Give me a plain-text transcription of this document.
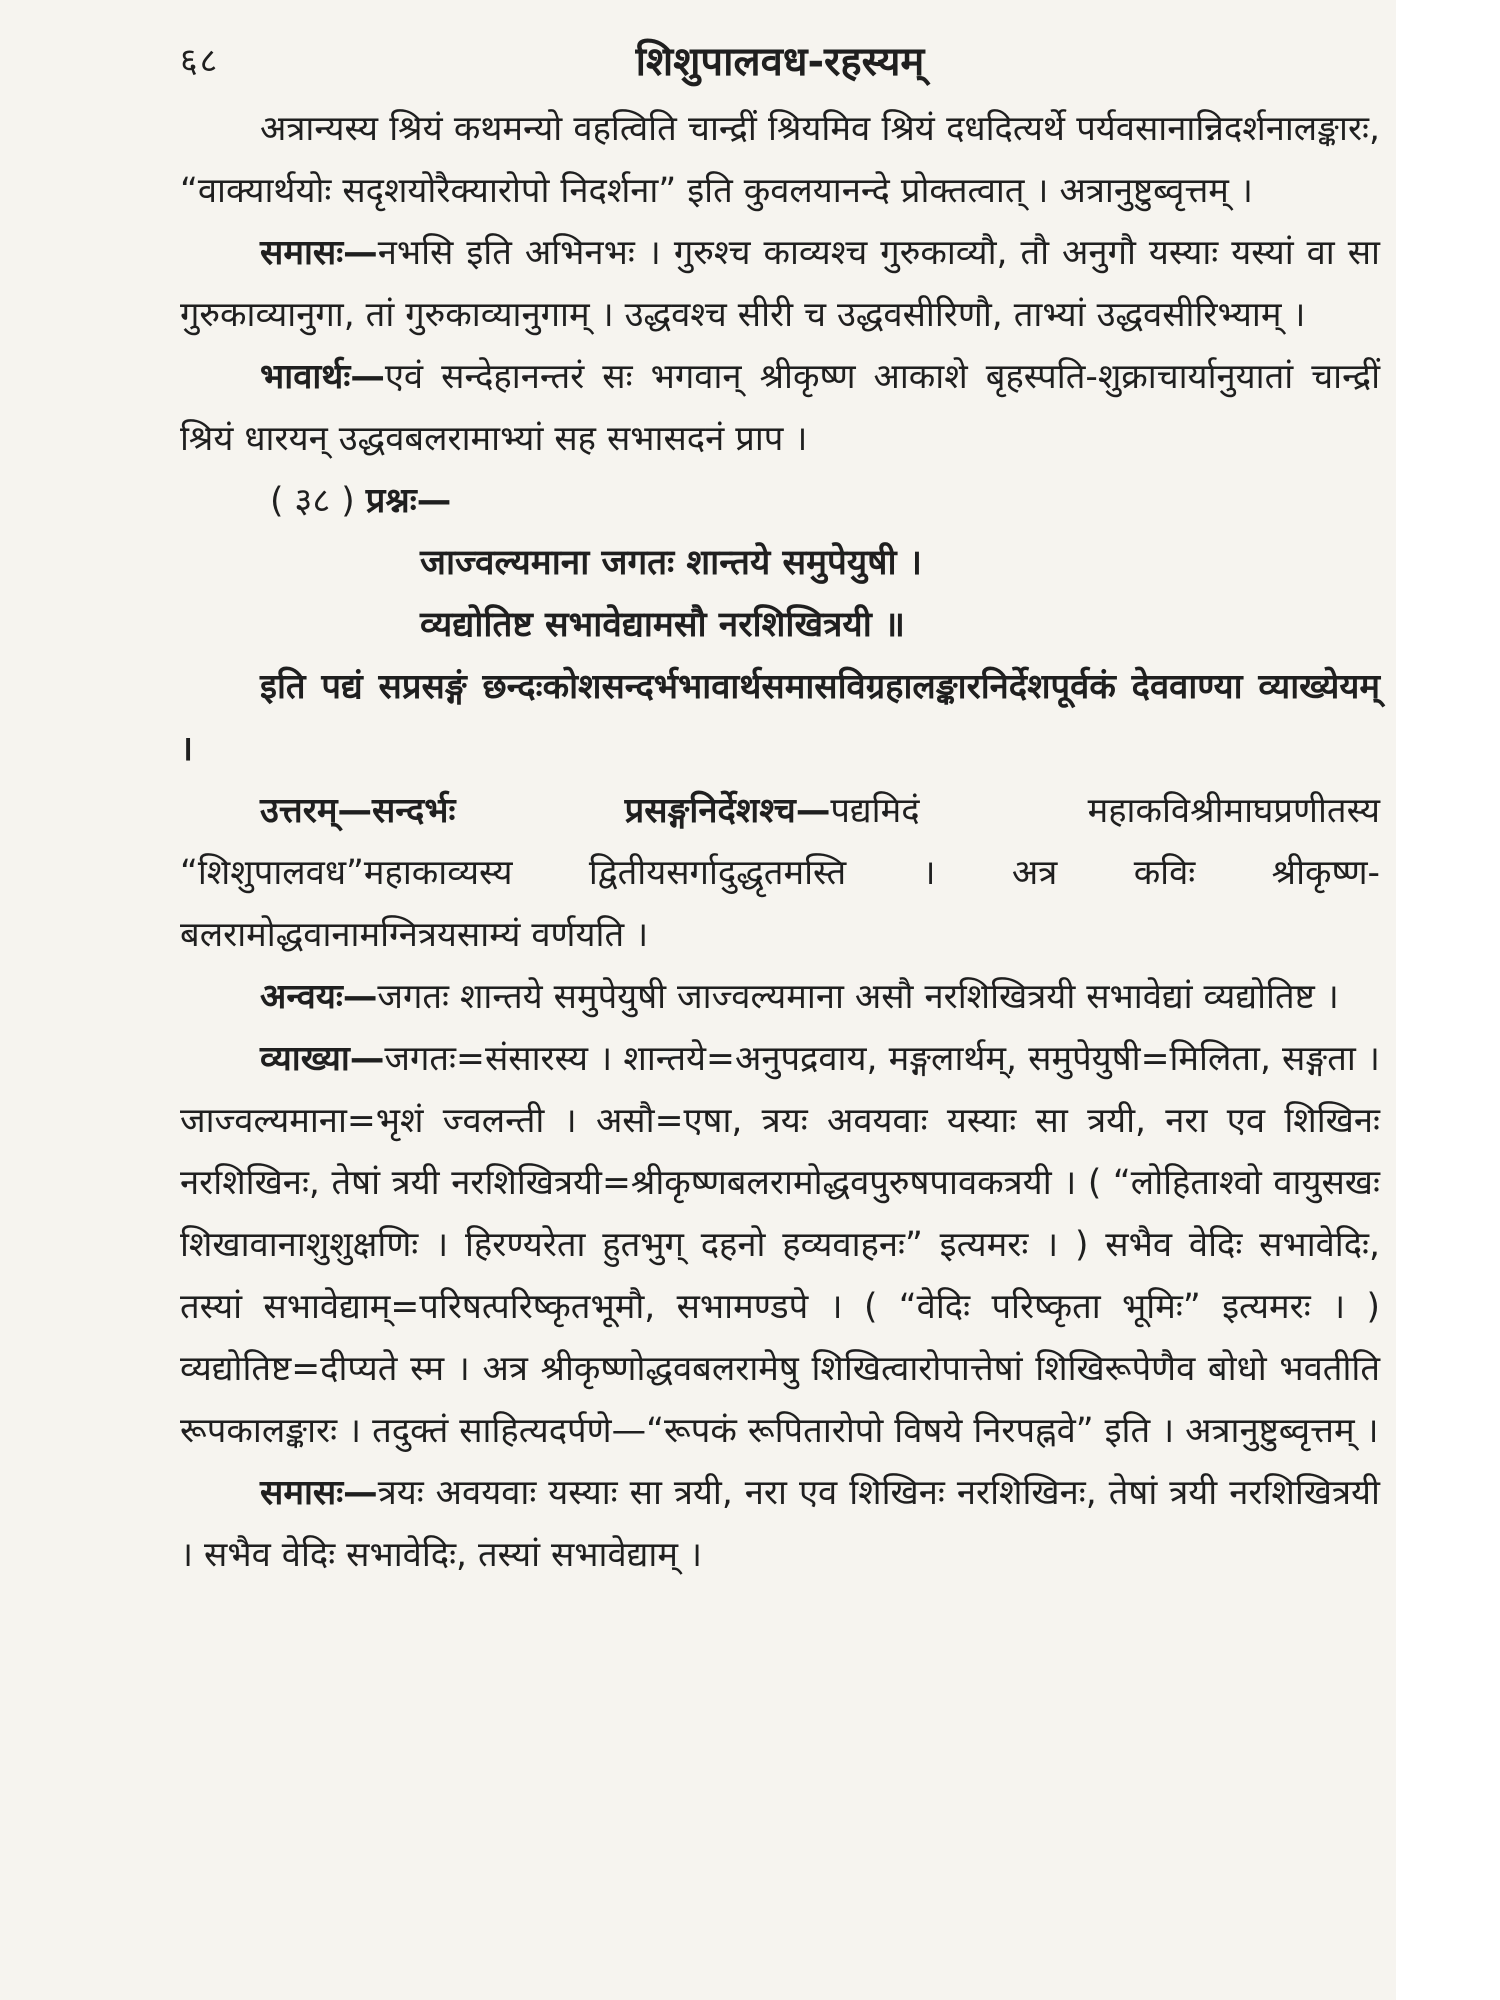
६८	शिशुपालवध-रहस्यम्

अत्रान्यस्य श्रियं कथमन्यो वहत्विति चान्द्रीं श्रियमिव श्रियं दधदित्यर्थे पर्यवसानान्निदर्शनालङ्कारः, “वाक्यार्थयोः सदृशयोरैक्यारोपो निदर्शना” इति कुवलयानन्दे प्रोक्तत्वात् । अत्रानुष्टुब्वृत्तम् ।

समासः—नभसि इति अभिनभः । गुरुश्च काव्यश्च गुरुकाव्यौ, तौ अनुगौ यस्याः यस्यां वा सा गुरुकाव्यानुगा, तां गुरुकाव्यानुगाम् । उद्धवश्च सीरी च उद्धवसीरिणौ, ताभ्यां उद्धवसीरिभ्याम् ।

भावार्थः—एवं सन्देहानन्तरं सः भगवान् श्रीकृष्ण आकाशे बृहस्पति-शुक्राचार्यानुयातां चान्द्रीं श्रियं धारयन् उद्धवबलरामाभ्यां सह सभासदनं प्राप ।

( ३८ ) प्रश्नः—

जाज्वल्यमाना जगतः शान्तये समुपेयुषी ।

व्यद्योतिष्ट सभावेद्यामसौ नरशिखित्रयी ॥

इति पद्यं सप्रसङ्गं छन्दःकोशसन्दर्भभावार्थसमासविग्रहालङ्कारनिर्देशपूर्वकं देववाण्या व्याख्येयम् ।

उत्तरम्—सन्दर्भः प्रसङ्गनिर्देशश्च—पद्यमिदं महाकविश्रीमाघप्रणीतस्य “शिशुपालवध”महाकाव्यस्य द्वितीयसर्गादुद्धृतमस्ति । अत्र कविः श्रीकृष्ण-बलरामोद्धवानामग्नित्रयसाम्यं वर्णयति ।

अन्वयः—जगतः शान्तये समुपेयुषी जाज्वल्यमाना असौ नरशिखित्रयी सभावेद्यां व्यद्योतिष्ट ।

व्याख्या—जगतः=संसारस्य । शान्तये=अनुपद्रवाय, मङ्गलार्थम्, समुपेयुषी=मिलिता, सङ्गता । जाज्वल्यमाना=भृशं ज्वलन्ती । असौ=एषा, त्रयः अवयवाः यस्याः सा त्रयी, नरा एव शिखिनः नरशिखिनः, तेषां त्रयी नरशिखित्रयी=श्रीकृष्णबलरामोद्धवपुरुषपावकत्रयी । ( “लोहिताश्वो वायुसखः शिखावानाशुशुक्षणिः । हिरण्यरेता हुतभुग् दहनो हव्यवाहनः” इत्यमरः । ) सभैव वेदिः सभावेदिः, तस्यां सभावेद्याम्=परिषत्परिष्कृतभूमौ, सभामण्डपे । ( “वेदिः परिष्कृता भूमिः” इत्यमरः । ) व्यद्योतिष्ट=दीप्यते स्म । अत्र श्रीकृष्णोद्धवबलरामेषु शिखित्वारोपात्तेषां शिखिरूपेणैव बोधो भवतीति रूपकालङ्कारः । तदुक्तं साहित्यदर्पणे—“रूपकं रूपितारोपो विषये निरपह्नवे” इति । अत्रानुष्टुब्वृत्तम् ।

समासः—त्रयः अवयवाः यस्याः सा त्रयी, नरा एव शिखिनः नरशिखिनः, तेषां त्रयी नरशिखित्रयी । सभैव वेदिः सभावेदिः, तस्यां सभावेद्याम् ।
